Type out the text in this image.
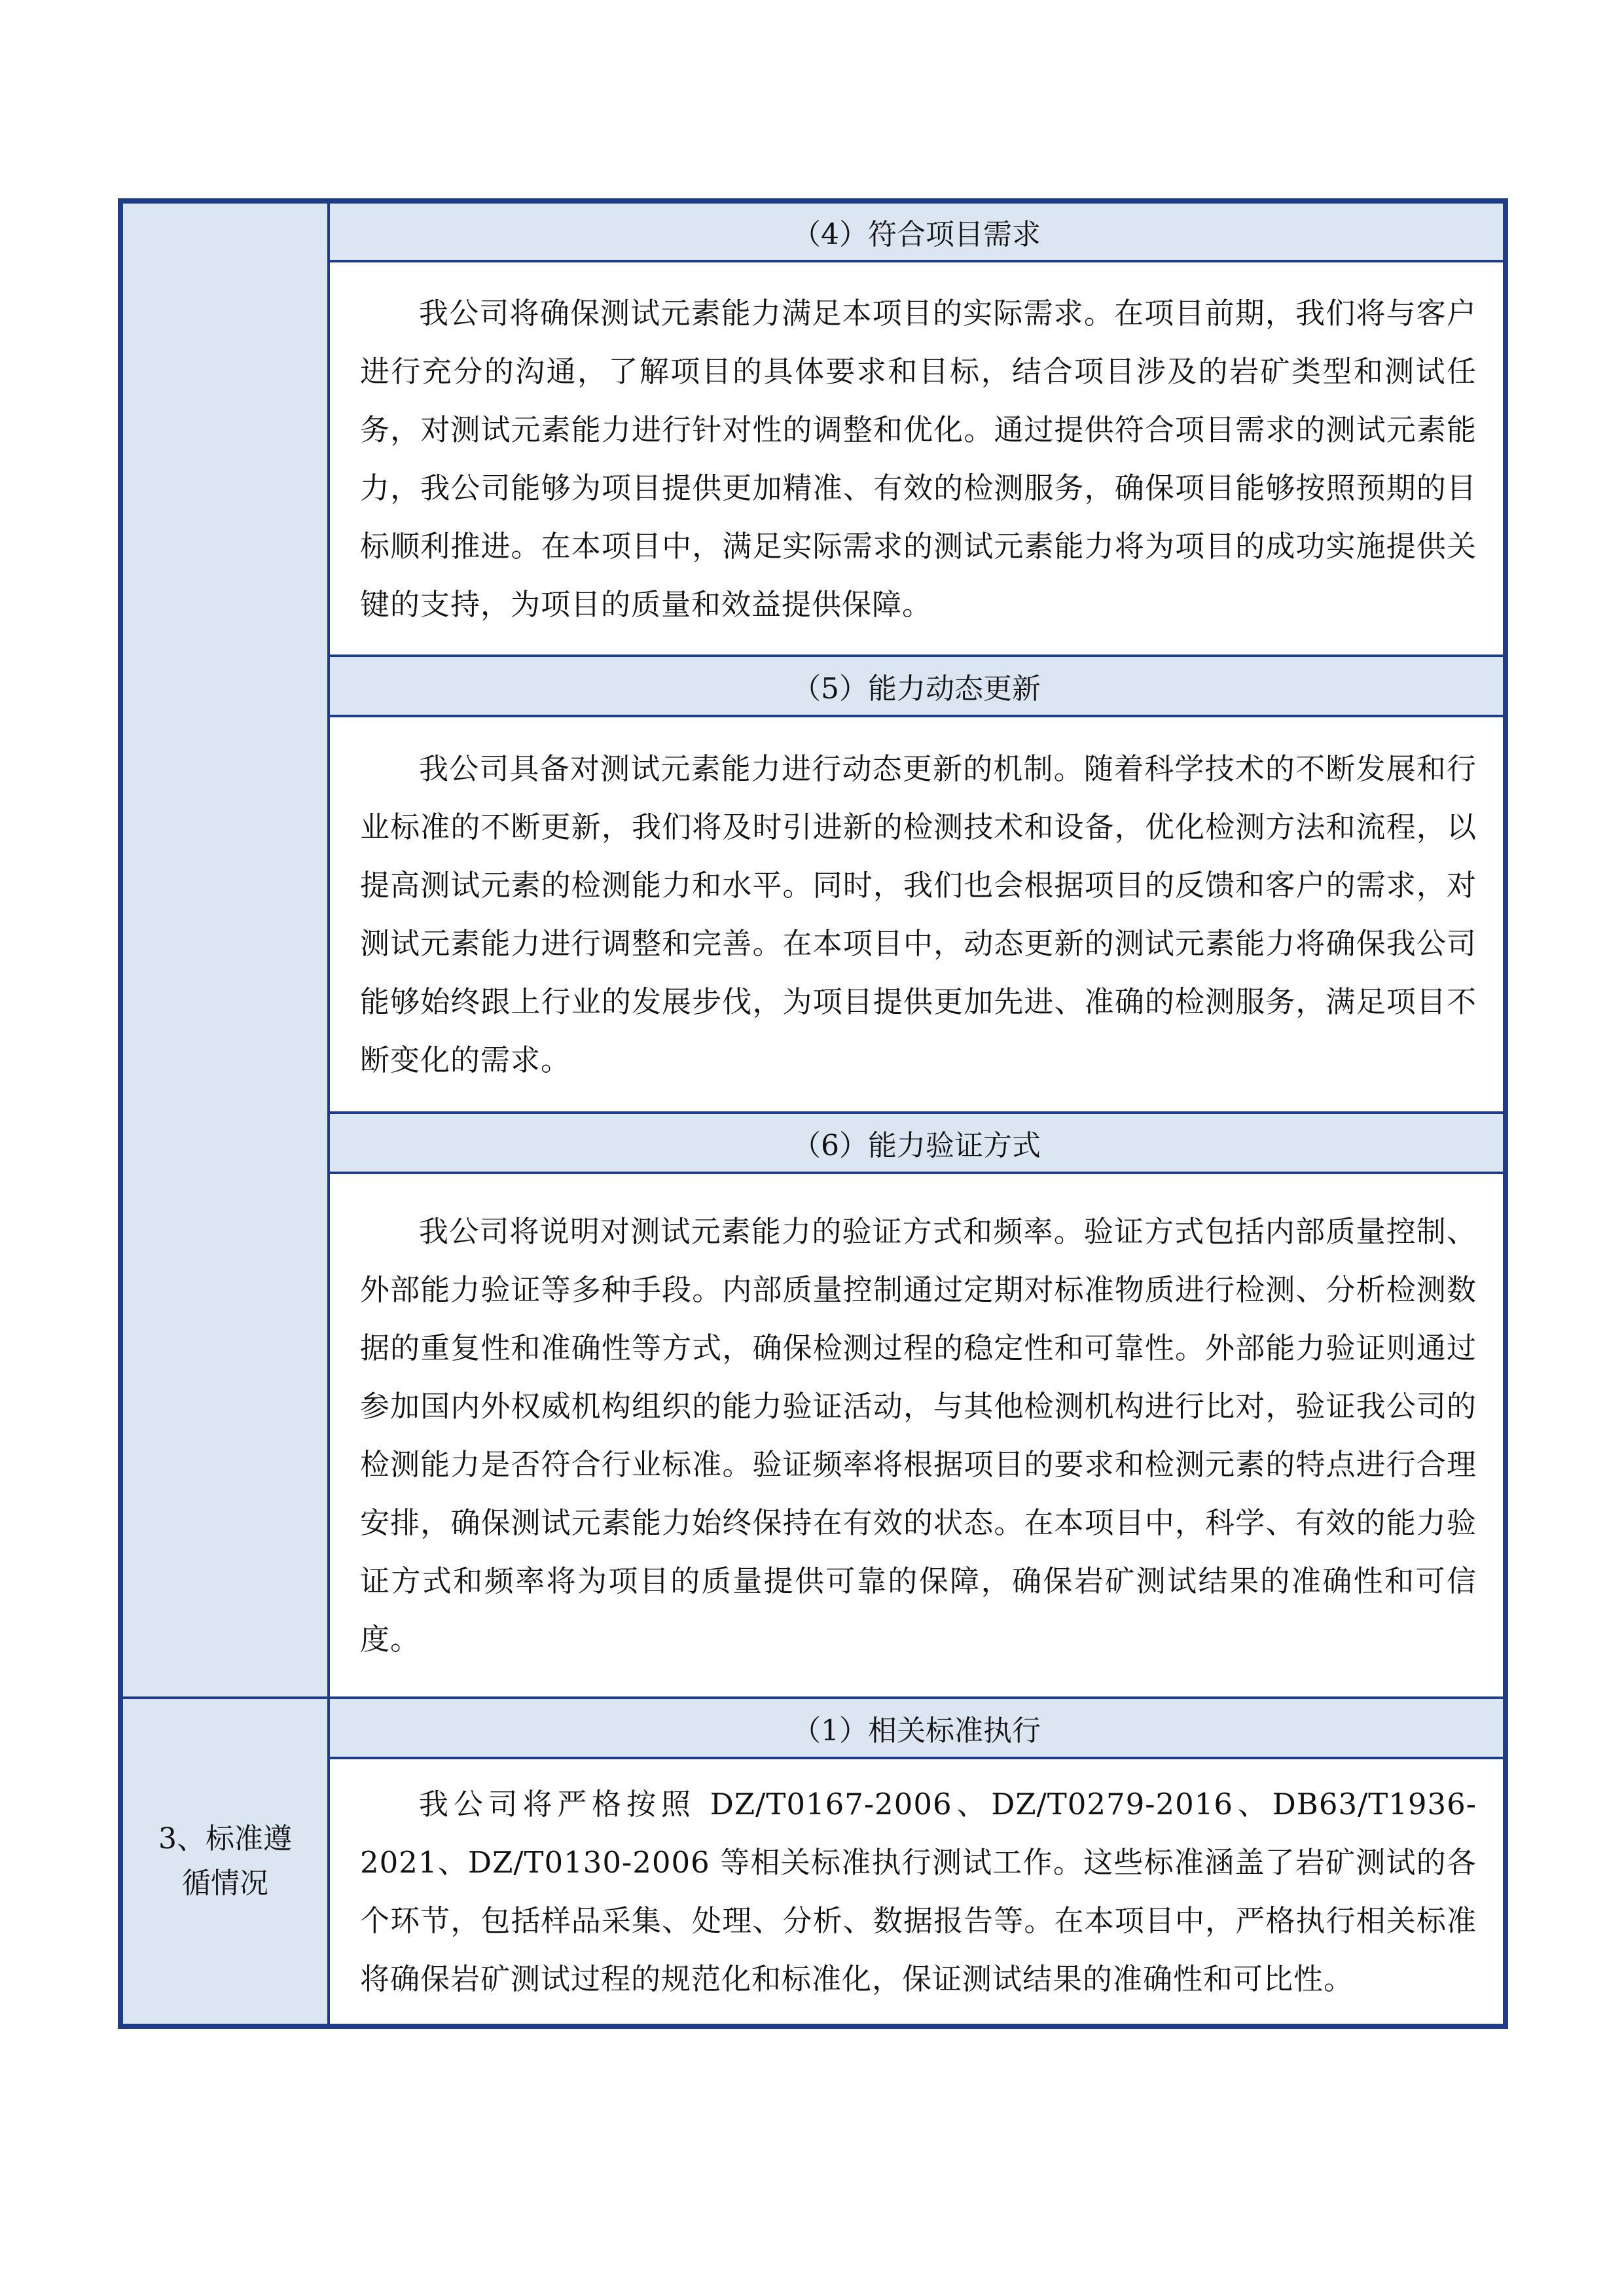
	（4）符合项目需求

	我公司将确保测试元素能力满足本项目的实际需求。在项目前期，我们将与客户进行充分的沟通，了解项目的具体要求和目标，结合项目涉及的岩矿类型和测试任务，对测试元素能力进行针对性的调整和优化。通过提供符合项目需求的测试元素能力，我公司能够为项目提供更加精准、有效的检测服务，确保项目能够按照预期的目标顺利推进。在本项目中，满足实际需求的测试元素能力将为项目的成功实施提供关键的支持，为项目的质量和效益提供保障。

	（5）能力动态更新

	我公司具备对测试元素能力进行动态更新的机制。随着科学技术的不断发展和行业标准的不断更新，我们将及时引进新的检测技术和设备，优化检测方法和流程，以提高测试元素的检测能力和水平。同时，我们也会根据项目的反馈和客户的需求，对测试元素能力进行调整和完善。在本项目中，动态更新的测试元素能力将确保我公司能够始终跟上行业的发展步伐，为项目提供更加先进、准确的检测服务，满足项目不断变化的需求。

	（6）能力验证方式

	我公司将说明对测试元素能力的验证方式和频率。验证方式包括内部质量控制、外部能力验证等多种手段。内部质量控制通过定期对标准物质进行检测、分析检测数据的重复性和准确性等方式，确保检测过程的稳定性和可靠性。外部能力验证则通过参加国内外权威机构组织的能力验证活动，与其他检测机构进行比对，验证我公司的检测能力是否符合行业标准。验证频率将根据项目的要求和检测元素的特点进行合理安排，确保测试元素能力始终保持在有效的状态。在本项目中，科学、有效的能力验证方式和频率将为项目的质量提供可靠的保障，确保岩矿测试结果的准确性和可信度。

3、标准遵循情况	（1）相关标准执行

	我公司将严格按照 DZ/T0167-2006、DZ/T0279-2016、DB63/T1936-2021、DZ/T0130-2006 等相关标准执行测试工作。这些标准涵盖了岩矿测试的各个环节，包括样品采集、处理、分析、数据报告等。在本项目中，严格执行相关标准将确保岩矿测试过程的规范化和标准化，保证测试结果的准确性和可比性。
